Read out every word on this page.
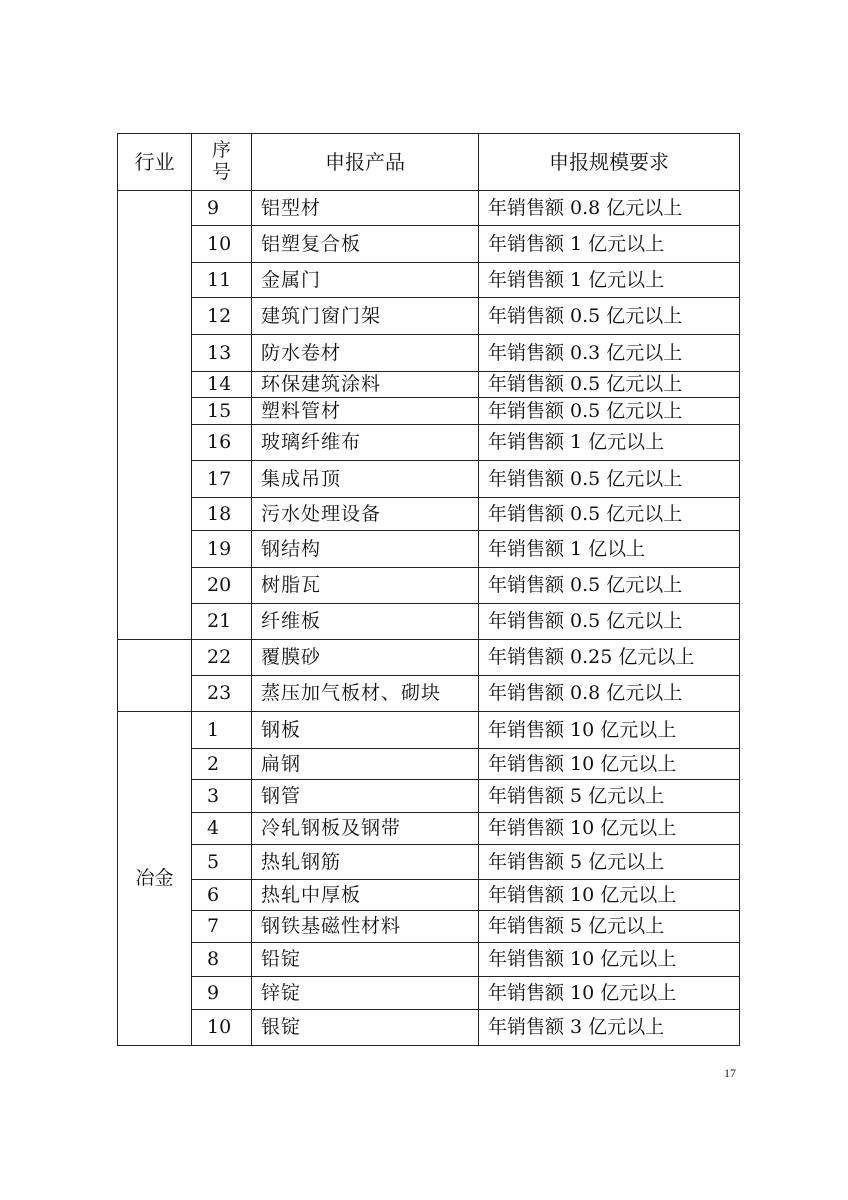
行业	序号	申报产品	申报规模要求
	9	铝型材	年销售额 0.8 亿元以上
	10	铝塑复合板	年销售额 1 亿元以上
	11	金属门	年销售额 1 亿元以上
	12	建筑门窗门架	年销售额 0.5 亿元以上
	13	防水卷材	年销售额 0.3 亿元以上
	14	环保建筑涂料	年销售额 0.5 亿元以上
	15	塑料管材	年销售额 0.5 亿元以上
	16	玻璃纤维布	年销售额 1 亿元以上
	17	集成吊顶	年销售额 0.5 亿元以上
	18	污水处理设备	年销售额 0.5 亿元以上
	19	钢结构	年销售额 1 亿以上
	20	树脂瓦	年销售额 0.5 亿元以上
	21	纤维板	年销售额 0.5 亿元以上
	22	覆膜砂	年销售额 0.25 亿元以上
	23	蒸压加气板材、砌块	年销售额 0.8 亿元以上
冶金	1	钢板	年销售额 10 亿元以上
	2	扁钢	年销售额 10 亿元以上
	3	钢管	年销售额 5 亿元以上
	4	冷轧钢板及钢带	年销售额 10 亿元以上
	5	热轧钢筋	年销售额 5 亿元以上
	6	热轧中厚板	年销售额 10 亿元以上
	7	钢铁基磁性材料	年销售额 5 亿元以上
	8	铅锭	年销售额 10 亿元以上
	9	锌锭	年销售额 10 亿元以上
	10	银锭	年销售额 3 亿元以上
17
